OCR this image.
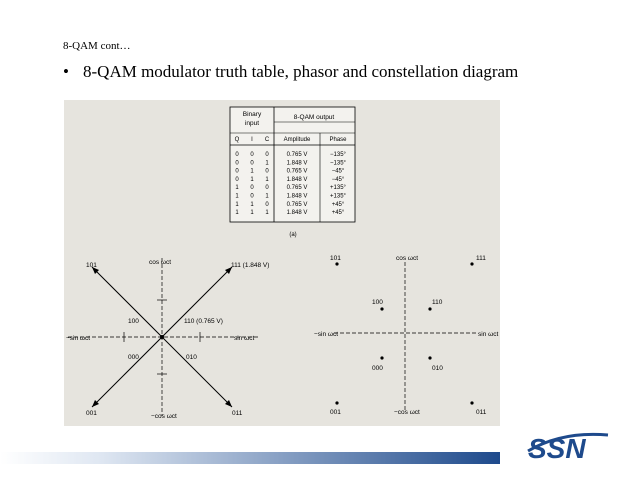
8-QAM cont…
• 8-QAM modulator truth table, phasor and constellation diagram
Binary
input
8-QAM output
Q I C Amplitude	Phase
0 0 0	0.765 V	−135°
0 0 1	1.848 V	−135°
0 1 0	0.765 V	−45°
0 1 1	1.848 V	−45°
1 0 0	0.765 V	+135°
1 0 1	1.848 V	+135°
1 1 0	0.765 V	+45°
1 1 1	1.848 V	+45°
(a)
101	cos ωct	111 (1.848 V)
100	110 (0.765 V)
−sin ωct	sin ωct
000	010
001	−cos ωct	011
101	cos ωct	111
100	110
−sin ωct	sin ωct
000	010
001	−cos ωct	011
SSN
